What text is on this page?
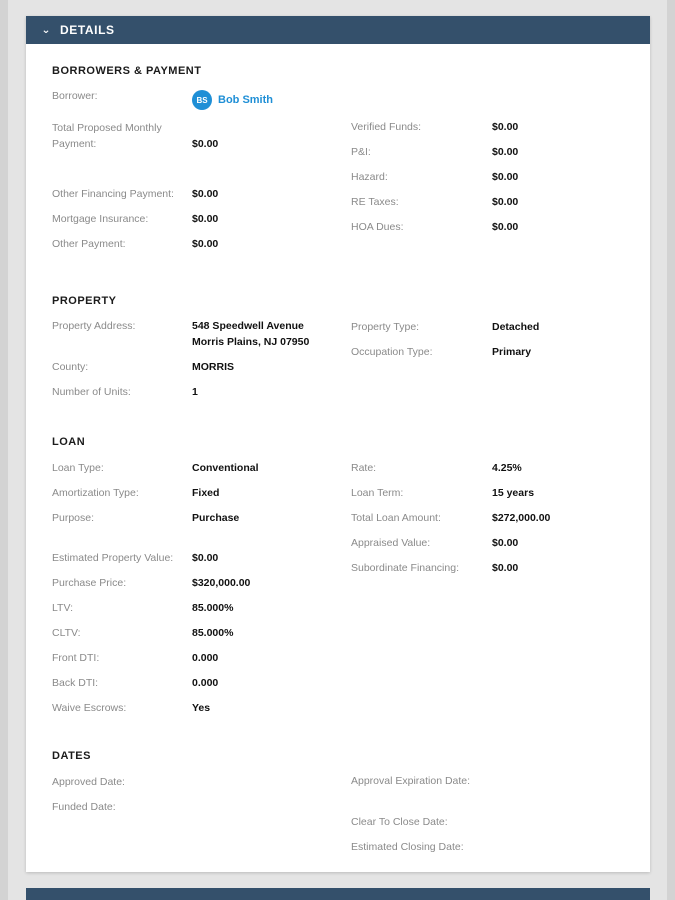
⌄ DETAILS
BORROWERS & PAYMENT
Borrower:	BS Bob Smith
Total Proposed Monthly Payment:	$0.00
Other Financing Payment:	$0.00
Mortgage Insurance:	$0.00
Other Payment:	$0.00
Verified Funds:	$0.00
P&I:	$0.00
Hazard:	$0.00
RE Taxes:	$0.00
HOA Dues:	$0.00
PROPERTY
Property Address:	548 Speedwell Avenue
Morris Plains, NJ 07950
County:	MORRIS
Number of Units:	1
Property Type:	Detached
Occupation Type:	Primary
LOAN
Loan Type:	Conventional
Amortization Type:	Fixed
Purpose:	Purchase
Estimated Property Value:	$0.00
Purchase Price:	$320,000.00
LTV:	85.000%
CLTV:	85.000%
Front DTI:	0.000
Back DTI:	0.000
Waive Escrows:	Yes
Rate:	4.25%
Loan Term:	15 years
Total Loan Amount:	$272,000.00
Appraised Value:	$0.00
Subordinate Financing:	$0.00
DATES
Approved Date:
Funded Date:
Approval Expiration Date:
Clear To Close Date:
Estimated Closing Date:
